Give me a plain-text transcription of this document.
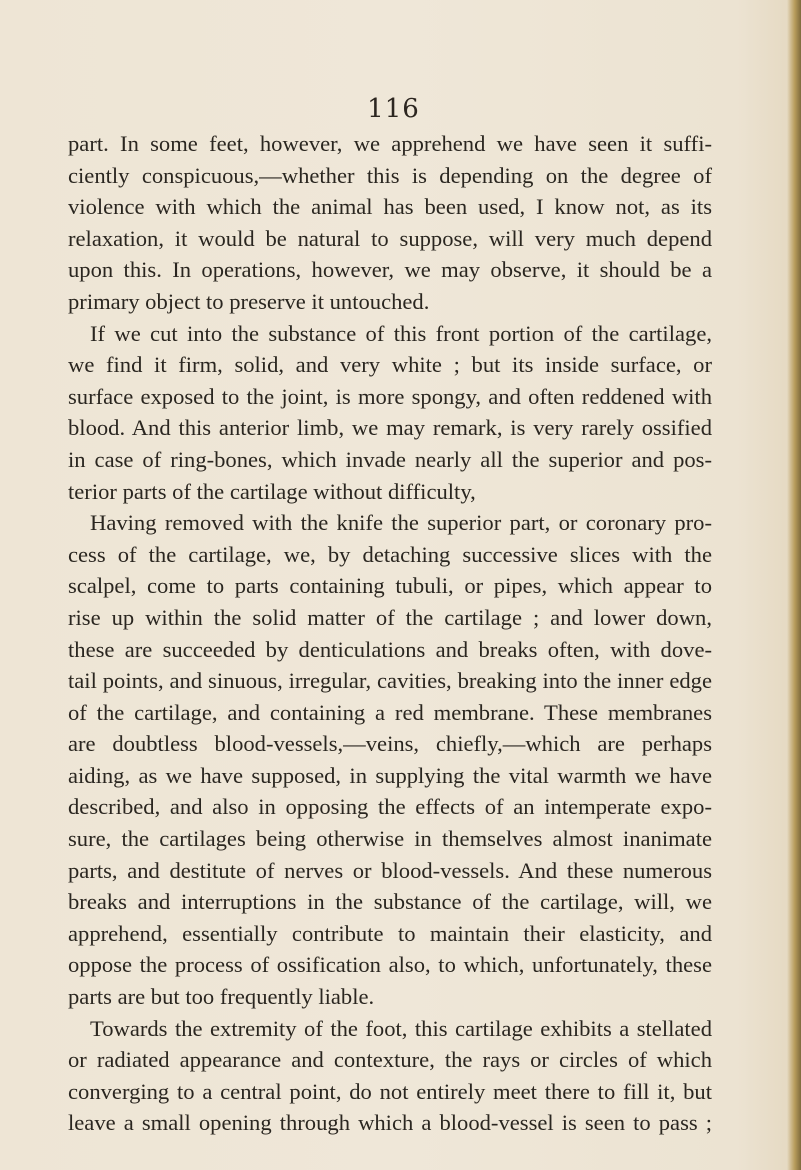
116
part. In some feet, however, we apprehend we have seen it suffi-
ciently conspicuous,—whether this is depending on the degree of
violence with which the animal has been used, I know not, as its
relaxation, it would be natural to suppose, will very much depend
upon this. In operations, however, we may observe, it should be a
primary object to preserve it untouched.
If we cut into the substance of this front portion of the cartilage,
we find it firm, solid, and very white ; but its inside surface, or
surface exposed to the joint, is more spongy, and often reddened with
blood. And this anterior limb, we may remark, is very rarely ossified
in case of ring-bones, which invade nearly all the superior and pos-
terior parts of the cartilage without difficulty,
Having removed with the knife the superior part, or coronary pro-
cess of the cartilage, we, by detaching successive slices with the
scalpel, come to parts containing tubuli, or pipes, which appear to
rise up within the solid matter of the cartilage ; and lower down,
these are succeeded by denticulations and breaks often, with dove-
tail points, and sinuous, irregular, cavities, breaking into the inner edge
of the cartilage, and containing a red membrane. These membranes
are doubtless blood-vessels,—veins, chiefly,—which are perhaps
aiding, as we have supposed, in supplying the vital warmth we have
described, and also in opposing the effects of an intemperate expo-
sure, the cartilages being otherwise in themselves almost inanimate
parts, and destitute of nerves or blood-vessels. And these numerous
breaks and interruptions in the substance of the cartilage, will, we
apprehend, essentially contribute to maintain their elasticity, and
oppose the process of ossification also, to which, unfortunately, these
parts are but too frequently liable.
Towards the extremity of the foot, this cartilage exhibits a stellated
or radiated appearance and contexture, the rays or circles of which
converging to a central point, do not entirely meet there to fill it, but
leave a small opening through which a blood-vessel is seen to pass ;
